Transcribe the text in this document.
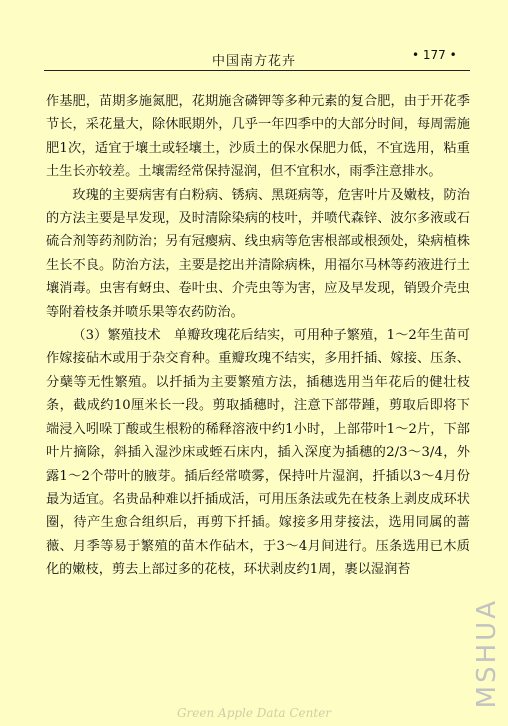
中国南方花卉	• 177 •

作基肥，苗期多施氮肥，花期施含磷钾等多种元素的复合肥，由于开花季节长，采花量大，除休眠期外，几乎一年四季中的大部分时间，每周需施肥1次，适宜于壤土或轻壤土，沙质土的保水保肥力低，不宜选用，粘重土生长亦较差。土壤需经常保持湿润，但不宜积水，雨季注意排水。

玫瑰的主要病害有白粉病、锈病、黑斑病等，危害叶片及嫩枝，防治的方法主要是早发现，及时清除染病的枝叶，并喷代森锌、波尔多液或石硫合剂等药剂防治；另有冠瘿病、线虫病等危害根部或根颈处，染病植株生长不良。防治方法，主要是挖出并清除病株，用福尔马林等药液进行土壤消毒。虫害有蚜虫、卷叶虫、介壳虫等为害，应及早发现，销毁介壳虫等附着枝条并喷乐果等农药防治。

（3）繁殖技术　单瓣玫瑰花后结实，可用种子繁殖，1～2年生苗可作嫁接砧木或用于杂交育种。重瓣玫瑰不结实，多用扦插、嫁接、压条、分蘖等无性繁殖。以扦插为主要繁殖方法，插穗选用当年花后的健壮枝条，截成约10厘米长一段。剪取插穗时，注意下部带踵，剪取后即将下端浸入吲哚丁酸或生根粉的稀释溶液中约1小时，上部带叶1～2片，下部叶片摘除，斜插入湿沙床或蛭石床内，插入深度为插穗的2/3～3/4，外露1～2个带叶的腋芽。插后经常喷雾，保持叶片湿润，扦插以3～4月份最为适宜。名贵品种难以扦插成活，可用压条法或先在枝条上剥皮成环状圈，待产生愈合组织后，再剪下扦插。嫁接多用芽接法，选用同属的蔷薇、月季等易于繁殖的苗木作砧木，于3～4月间进行。压条选用已木质化的嫩枝，剪去上部过多的花枝，环状剥皮约1周，裹以湿润苔

MSHUA
Green Apple Data Center
